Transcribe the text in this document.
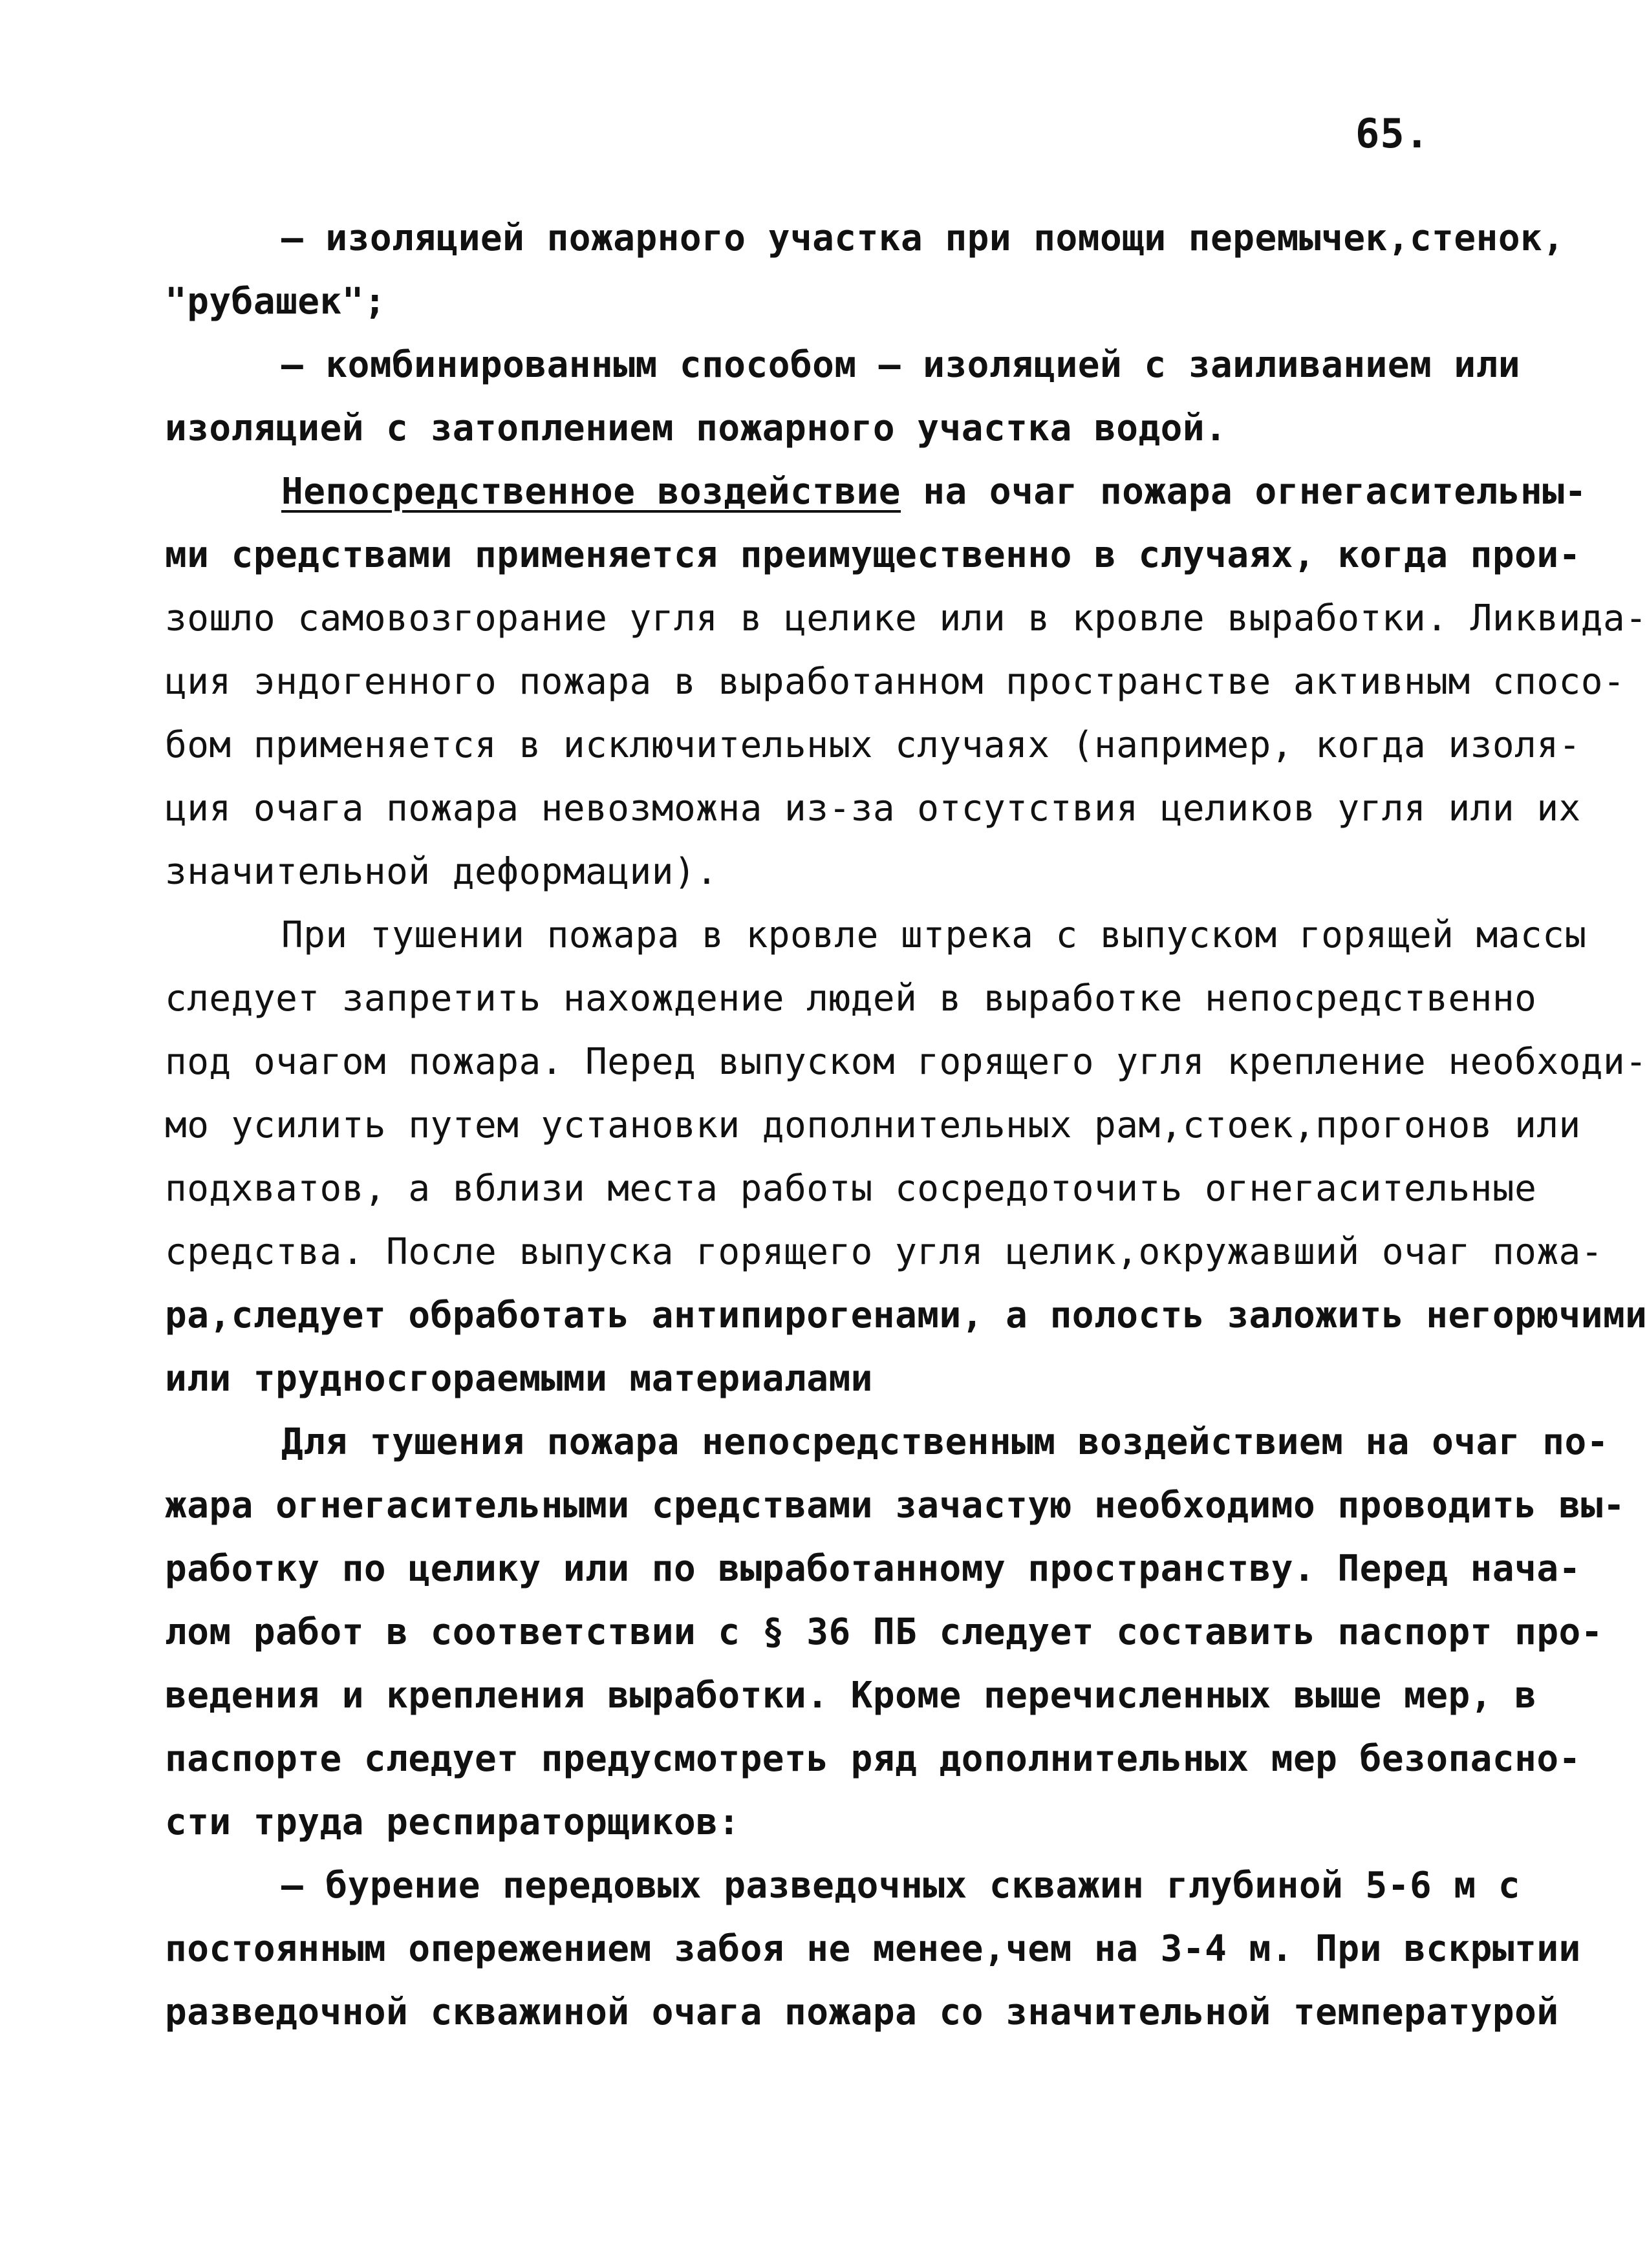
65.
– изоляцией пожарного участка при помощи перемычек,стенок,
"рубашек";
– комбинированным способом – изоляцией с заиливанием или
изоляцией с затоплением пожарного участка водой.
Непосредственное воздействие на очаг пожара огнегасительны-
ми средствами применяется преимущественно в случаях, когда прои-
зошло самовозгорание угля в целике или в кровле выработки. Ликвида-
ция эндогенного пожара в выработанном пространстве активным спосо-
бом применяется в исключительных случаях (например, когда изоля-
ция очага пожара невозможна из-за отсутствия целиков угля или их
значительной деформации).
При тушении пожара в кровле штрека с выпуском горящей массы
следует запретить нахождение людей в выработке непосредственно
под очагом пожара. Перед выпуском горящего угля крепление необходи-
мо усилить путем установки дополнительных рам,стоек,прогонов или
подхватов, а вблизи места работы сосредоточить огнегасительные
средства. После выпуска горящего угля целик,окружавший очаг пожа-
ра,следует обработать антипирогенами, а полость заложить негорючими
или трудносгораемыми материалами
Для тушения пожара непосредственным воздействием на очаг по-
жара огнегасительными средствами зачастую необходимо проводить вы-
работку по целику или по выработанному пространству. Перед нача-
лом работ в соответствии с § 36 ПБ следует составить паспорт про-
ведения и крепления выработки. Кроме перечисленных выше мер, в
паспорте следует предусмотреть ряд дополнительных мер безопасно-
сти труда респираторщиков:
– бурение передовых разведочных скважин глубиной 5-6 м с
постоянным опережением забоя не менее,чем на 3-4 м. При вскрытии
разведочной скважиной очага пожара со значительной температурой
